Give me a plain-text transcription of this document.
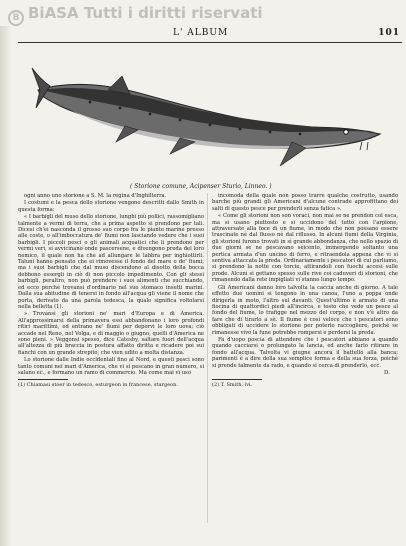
B BiASA Tutti i diritti riservati
L' ALBUM	101
( Storione comune, Acipenser Sturio, Linneo. )

ogni anno uno storione a S. M. la regina d'Inghilterra.

I costumi e la pesca dello storione vengono descritti dallo Smith in questa forma:

« I barbigli del muso dello storione, lunghi più pollici, rassomigliano talmente a vermi di terra, che a prima aspetto si prendono per tali. Dicesi ch'ei nasconda il grosso suo corpo fra le piante marine presso alle coste, o all'imboccatura de' fiumi non lasciando vedere che i suoi barbigli. I piccoli pesci o gli animali acquatici che li prendono per vermi veri, si avvicinano onde pascersene, e divengono preda del loro nemico, il quale non ha che ad allungare le labbra per inghiottirli. Taluni hanno pensato che ei rimovesse il fondo del mare o de' fiumi; ma i suoi barbigli che dal muso discendono al disotto della bocca debbono essergli in ciò di non piccolo impedimento. Con gli stessi barbigli, peraltro, non può prendere i suoi alimenti che succhiando, ed ecco perchè trovansi d'ordinario nel suo stomaco insetti marini. Dalla sua abitudine di tenersi in fondo all'acqua gli viene il nome che porta, derivato da una parola tedesca, la quale significa voltolarsi nella belletta (1).

» Trovansi gli storioni ne' mari d'Europa e di America. All'approssimarsi della primavera essi abbandonano i loro profondi ritiri marittimi, ed entrano ne' fiumi per deporvi le loro uova; ciò accade nel Reno, nel Volga, e di maggio o giugno, quelli d'America ne sono pieni. » Veggonsi spesso, dice Catesby, saltare fuori dell'acqua all'altezza di più braccia in postura affatto diritta e ricadere poi sui fianchi con un grande strepito, che vien udito a molta distanza.

Lo storione dalle Indie occidentali fino al Nord, e questi pesci sono tanto comuni nei mari d'America, che vi si pescano in gran numero, si salano ec., e formano un ramo di commercio. Ma come mai vi uso

(1) Chiamasi stoer in tedesco, esturgeon in francese, sturgeon.

incomoda della quale non posso trarre qualche costrutto, usando barche più grandi gli Americani d'alcune contrade approfittano dei salti di questo pesce per prenderli senza fatica ».

« Come gli storioni non son voraci, non mai se ne prendon col esca, ma si usano piuttosto e si uccidono del tutto con l'arpione, attraversate alla foce di un fiume, in modo che non possano essere trascinate nè dal flusso nè dal riflusso. In alcuni fiumi della Virginia, gli storioni furono trovati in sì grande abbondanza, che nello spazio di due giorni se ne pescavano seicento, immergendo soltanto una pertica armata d'un uncino di ferro, e ritraendola appena che vi si sentiva attaccata la preda. Ordinariamente i pescatori di cui parliamo, si prendono la notte con torcie, attirandoli con fuochi accesi sulle prode. Alcuni si gettano spesso sulle rive coi caduveri di storioni, che rimanendo dalla rete impigliati vi stanno lungo tempo.

Gli Americani danno loro talvolta la caccia anche di giorno. A tale effetto due uomini si tengono in una canoa, l'uno a poppa onde dirigerla in moto, l'altro sul davanti. Quest'ultimo è armato di una fiocina di quattordici piedi all'incirca, e tosto che vede un pesce al fondo del fiume, lo trafigge nel mezzo del corpo, e non v'è altro da fare che di tirarlo a sè. Il fiume è così veloce che i pescatori sono obbligati di uccidere lo storione per poterlo raccogliere, poichè se rimanesse vivo la fune potrebbe rompersi e perdersi la preda.

Fa d'uopo poscia di attendere che i pescatori abbiano a quando quando cacciarsi o prolungato la lancia, ed anche farlo ritirare in fondo all'acqua. Talvolta vi giugne ancora il battello alla banca; parimenti è a dire della sua semplice forma e della sua forza, poichè si prende talmente da rado, e quando si cerca di prenderlo, ecc.

D.
(2) T. Smith, ivi.
